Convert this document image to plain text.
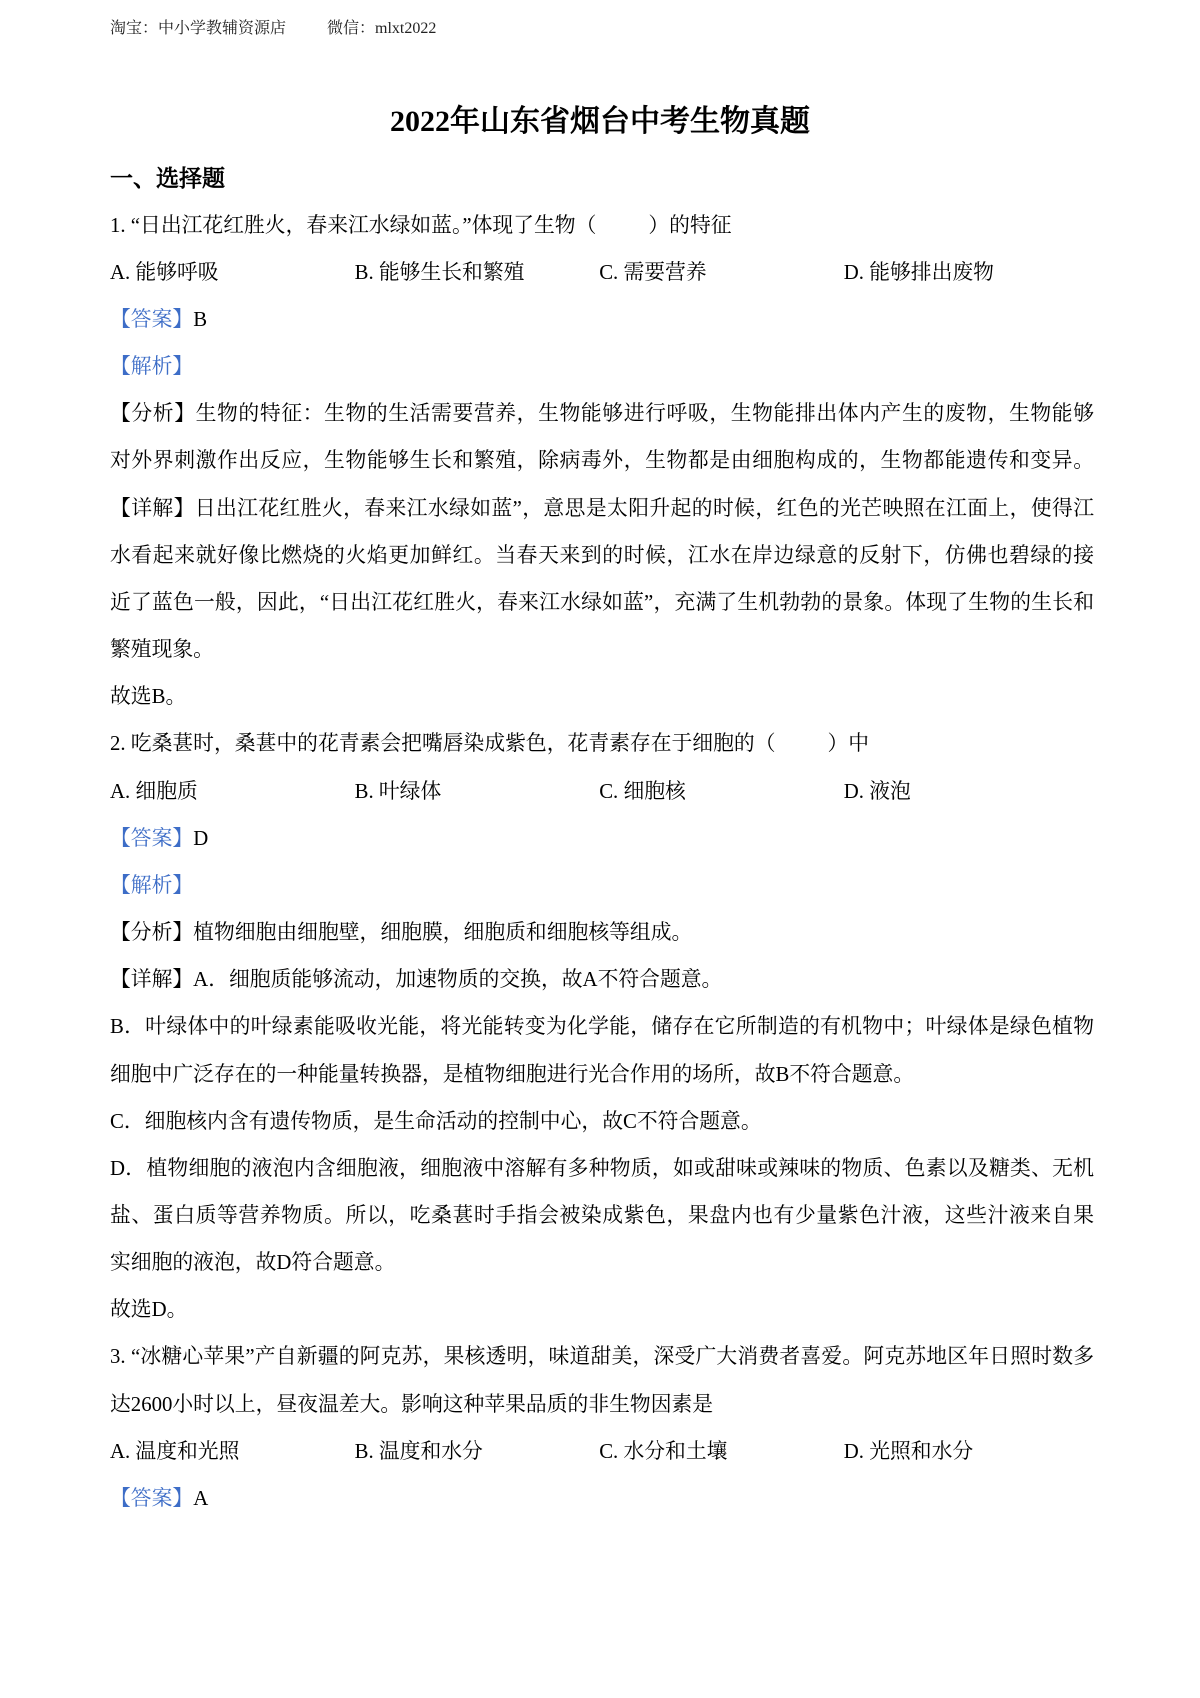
淘宝：中小学教辅资源店	微信：mlxt2022
2022年山东省烟台中考生物真题
一、选择题
1. “日出江花红胜火，春来江水绿如蓝。”体现了生物（          ）的特征
A. 能够呼吸	B. 能够生长和繁殖	C. 需要营养	D. 能够排出废物
【答案】B
【解析】
【分析】生物的特征：生物的生活需要营养，生物能够进行呼吸，生物能排出体内产生的废物，生物能够
对外界刺激作出反应，生物能够生长和繁殖，除病毒外，生物都是由细胞构成的，生物都能遗传和变异。
【详解】日出江花红胜火，春来江水绿如蓝”，意思是太阳升起的时候，红色的光芒映照在江面上，使得江
水看起来就好像比燃烧的火焰更加鲜红。当春天来到的时候，江水在岸边绿意的反射下，仿佛也碧绿的接
近了蓝色一般，因此，“日出江花红胜火，春来江水绿如蓝”，充满了生机勃勃的景象。体现了生物的生长和
繁殖现象。
故选B。
2. 吃桑葚时，桑葚中的花青素会把嘴唇染成紫色，花青素存在于细胞的（          ）中
A. 细胞质	B. 叶绿体	C. 细胞核	D. 液泡
【答案】D
【解析】
【分析】植物细胞由细胞壁，细胞膜，细胞质和细胞核等组成。
【详解】A．细胞质能够流动，加速物质的交换，故A不符合题意。
B．叶绿体中的叶绿素能吸收光能，将光能转变为化学能，储存在它所制造的有机物中；叶绿体是绿色植物
细胞中广泛存在的一种能量转换器，是植物细胞进行光合作用的场所，故B不符合题意。
C．细胞核内含有遗传物质，是生命活动的控制中心，故C不符合题意。
D．植物细胞的液泡内含细胞液，细胞液中溶解有多种物质，如或甜味或辣味的物质、色素以及糖类、无机
盐、蛋白质等营养物质。所以，吃桑葚时手指会被染成紫色，果盘内也有少量紫色汁液，这些汁液来自果
实细胞的液泡，故D符合题意。
故选D。
3. “冰糖心苹果”产自新疆的阿克苏，果核透明，味道甜美，深受广大消费者喜爱。阿克苏地区年日照时数多
达2600小时以上，昼夜温差大。影响这种苹果品质的非生物因素是
A. 温度和光照	B. 温度和水分	C. 水分和土壤	D. 光照和水分
【答案】A
